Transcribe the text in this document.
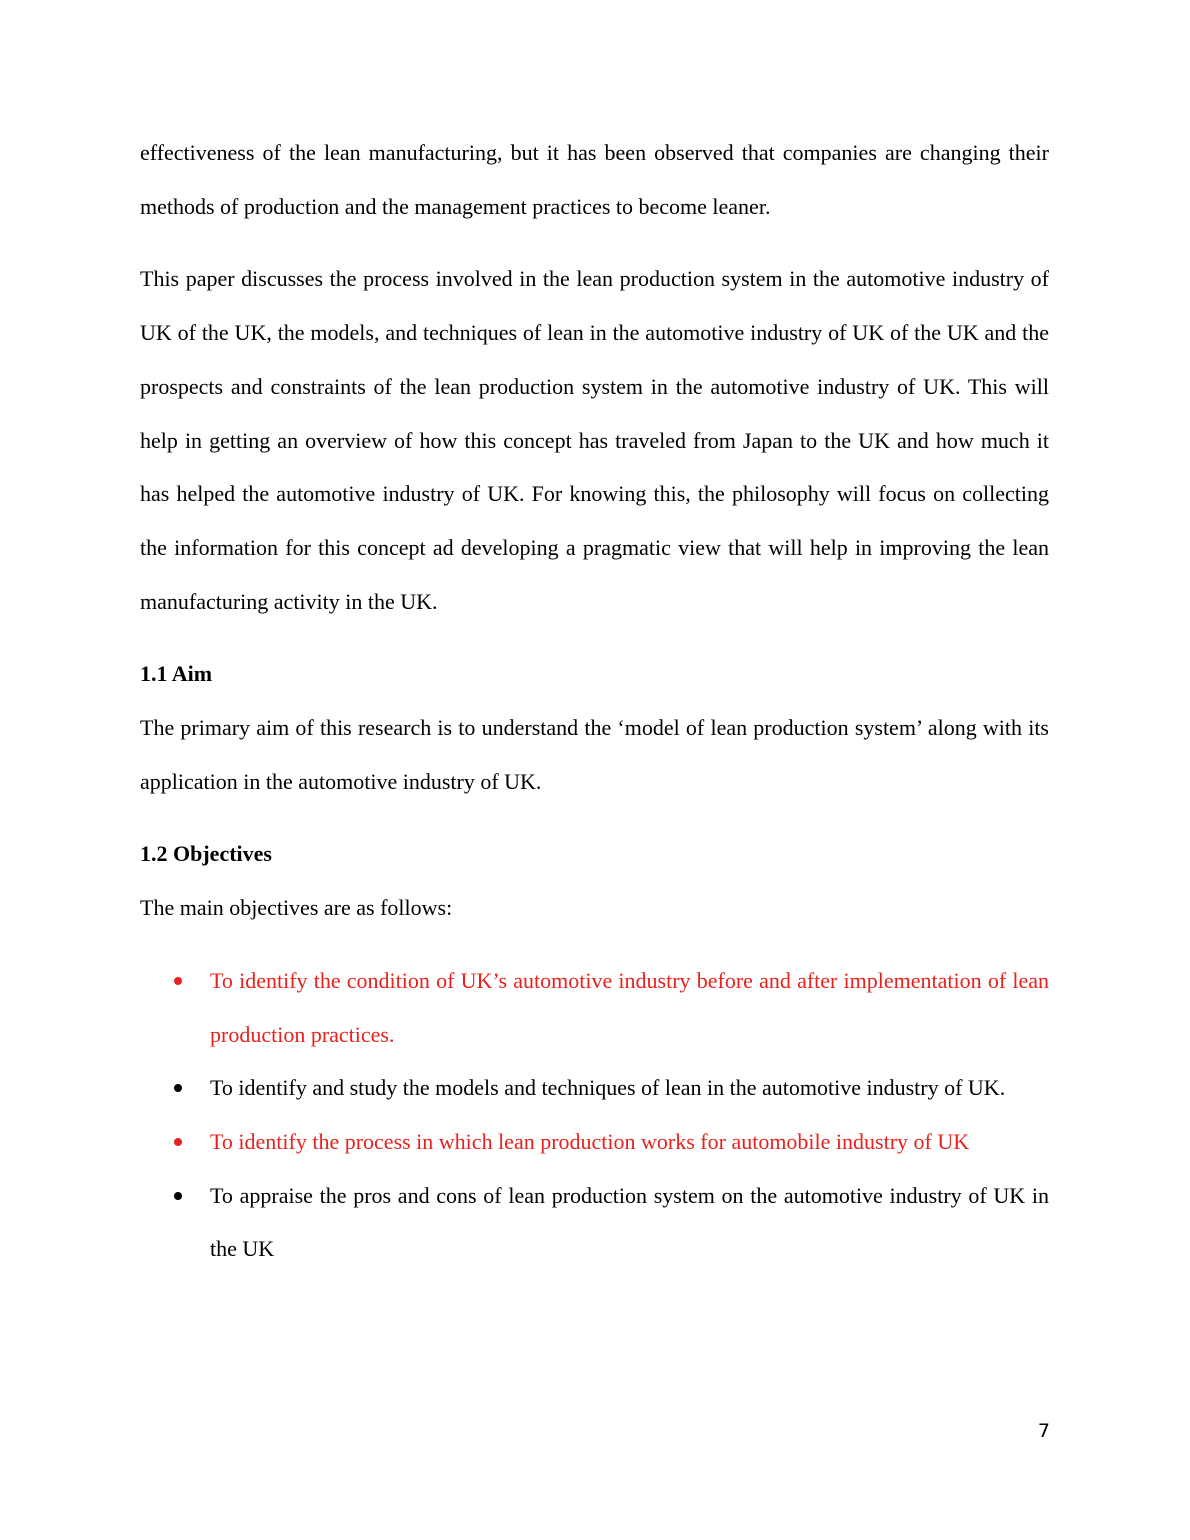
effectiveness of the lean manufacturing, but it has been observed that companies are changing their methods of production and the management practices to become leaner.

This paper discusses the process involved in the lean production system in the automotive industry of UK of the UK, the models, and techniques of lean in the automotive industry of UK of the UK and the prospects and constraints of the lean production system in the automotive industry of UK. This will help in getting an overview of how this concept has traveled from Japan to the UK and how much it has helped the automotive industry of UK. For knowing this, the philosophy will focus on collecting the information for this concept ad developing a pragmatic view that will help in improving the lean manufacturing activity in the UK.

1.1 Aim

The primary aim of this research is to understand the ‘model of lean production system’ along with its application in the automotive industry of UK.

1.2 Objectives

The main objectives are as follows:

To identify the condition of UK’s automotive industry before and after implementation of lean production practices.
To identify and study the models and techniques of lean in the automotive industry of UK.
To identify the process in which lean production works for automobile industry of UK
To appraise the pros and cons of lean production system on the automotive industry of UK in the UK
7
